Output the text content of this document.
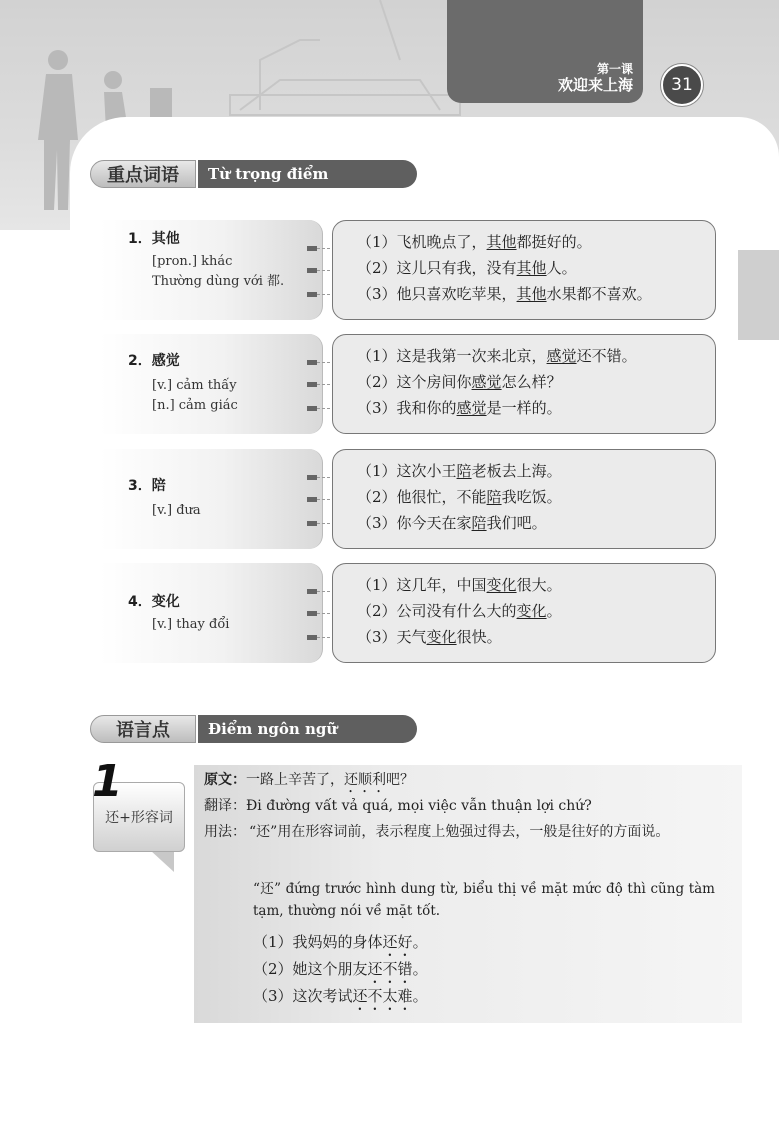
第一课
欢迎来上海	31
重点词语	Từ trọng điểm
1．其他
[pron.] khác
Thường dùng với 都.
（1）飞机晚点了，其他都挺好的。
（2）这儿只有我，没有其他人。
（3）他只喜欢吃苹果，其他水果都不喜欢。
2．感觉
[v.] cảm thấy
[n.] cảm giác
（1）这是我第一次来北京，感觉还不错。
（2）这个房间你感觉怎么样？
（3）我和你的感觉是一样的。
3．陪
[v.] đưa
（1）这次小王陪老板去上海。
（2）他很忙，不能陪我吃饭。
（3）你今天在家陪我们吧。
4．变化
[v.] thay đổi
（1）这几年，中国变化很大。
（2）公司没有什么大的变化。
（3）天气变化很快。
语言点	Điểm ngôn ngữ
还+形容词
1	原文：一路上辛苦了，还顺利吧？
翻译：Đi đường vất vả quá, mọi việc vẫn thuận lợi chứ?
用法： “还”用在形容词前，表示程度上勉强过得去，一般是往好的方面说。
“还” đứng trước hình dung từ, biểu thị về mặt mức độ thì cũng tàm tạm, thường nói về mặt tốt.
（1）我妈妈的身体还好。
（2）她这个朋友还不错。
（3）这次考试还不太难。
